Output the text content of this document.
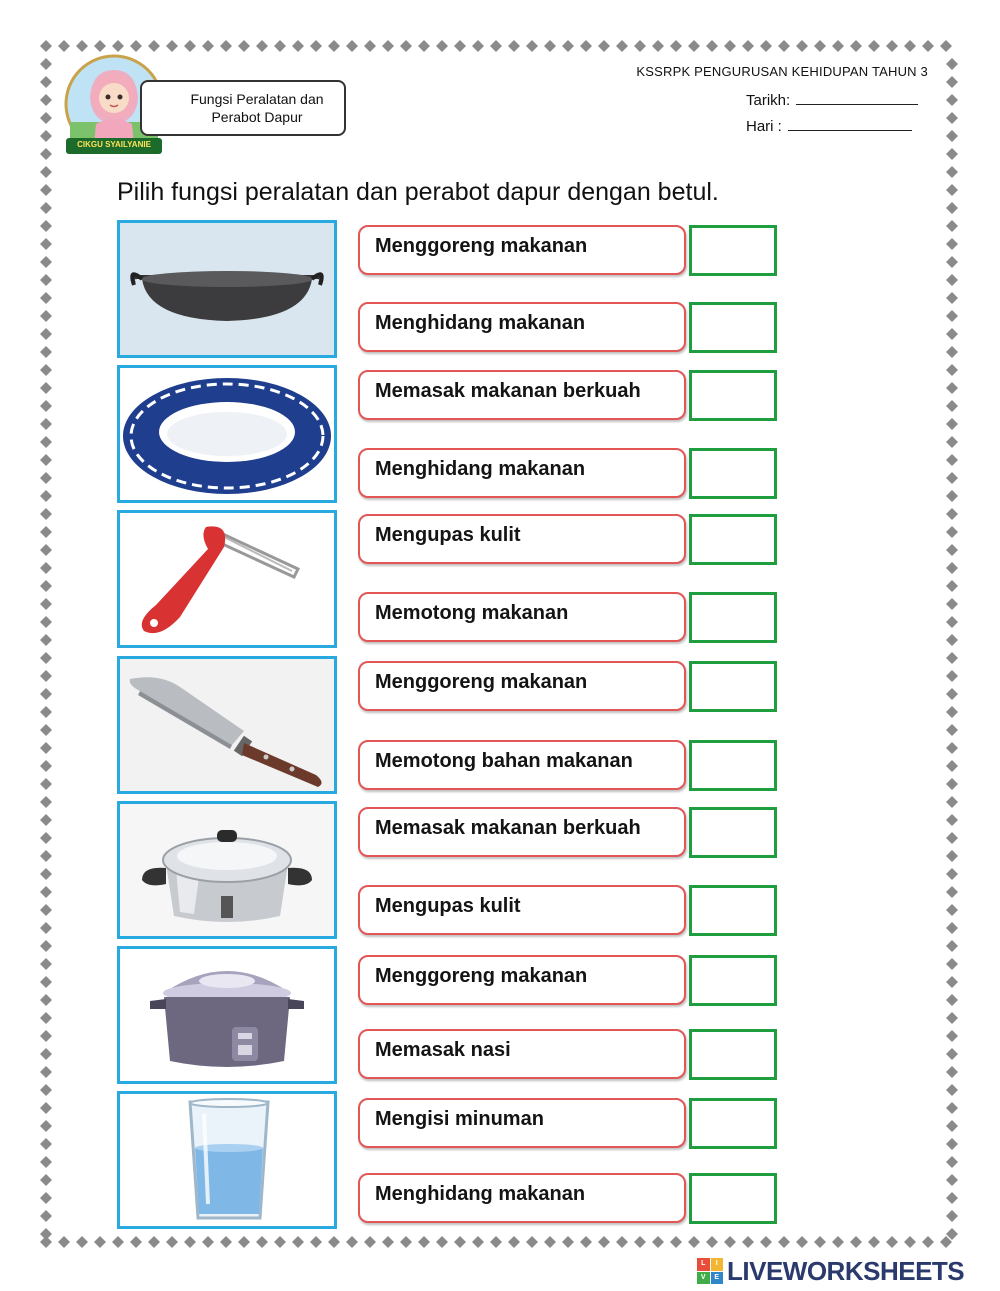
CIKGU SYAILYANIE
Fungsi Peralatan dan
Perabot Dapur
KSSRPK PENGURUSAN KEHIDUPAN TAHUN 3
Tarikh:
Hari :
Pilih fungsi peralatan dan perabot dapur dengan betul.
Menggoreng makanan
Menghidang makanan
Memasak makanan berkuah
Menghidang makanan
Mengupas kulit
Memotong makanan
Menggoreng makanan
Memotong bahan makanan
Memasak makanan berkuah
Mengupas kulit
Menggoreng makanan
Memasak nasi
Mengisi minuman
Menghidang makanan
L	I
V	E LIVEWORKSHEETS
